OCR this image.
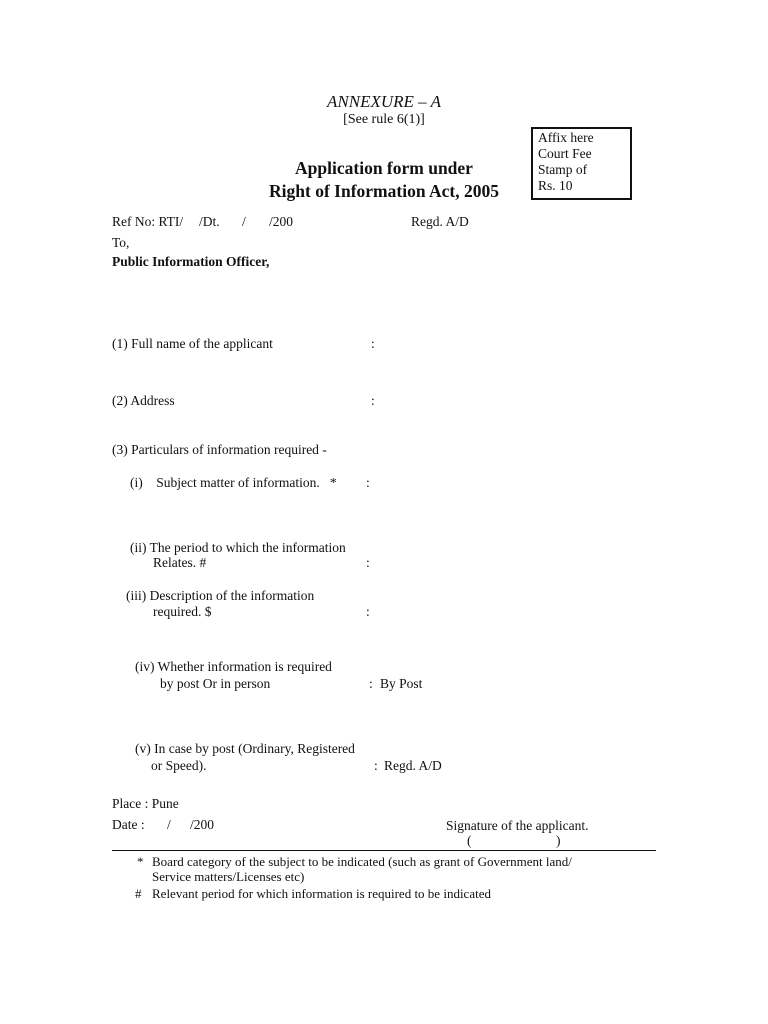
ANNEXURE – A
[See rule 6(1)]
Affix here
Court Fee
Stamp of
Rs. 10
Application form under
Right of Information Act, 2005
Ref No: RTI/ /Dt. / /200	Regd. A/D
To,
Public Information Officer,
(1) Full name of the applicant	:
(2) Address	:
(3) Particulars of information required -
(i)    Subject matter of information.   * :
(ii) The period to which the information
Relates. #	:
(iii) Description of the information
required. $	:
(iv) Whether information is required
by post Or in person	: By Post
(v) In case by post (Ordinary, Registered
or Speed).	: Regd. A/D
Place : Pune
Date : / /200	Signature of the applicant.
(	)
* Board category of the subject to be indicated (such as grant of Government land/
Service matters/Licenses etc)
# Relevant period for which information is required to be indicated
